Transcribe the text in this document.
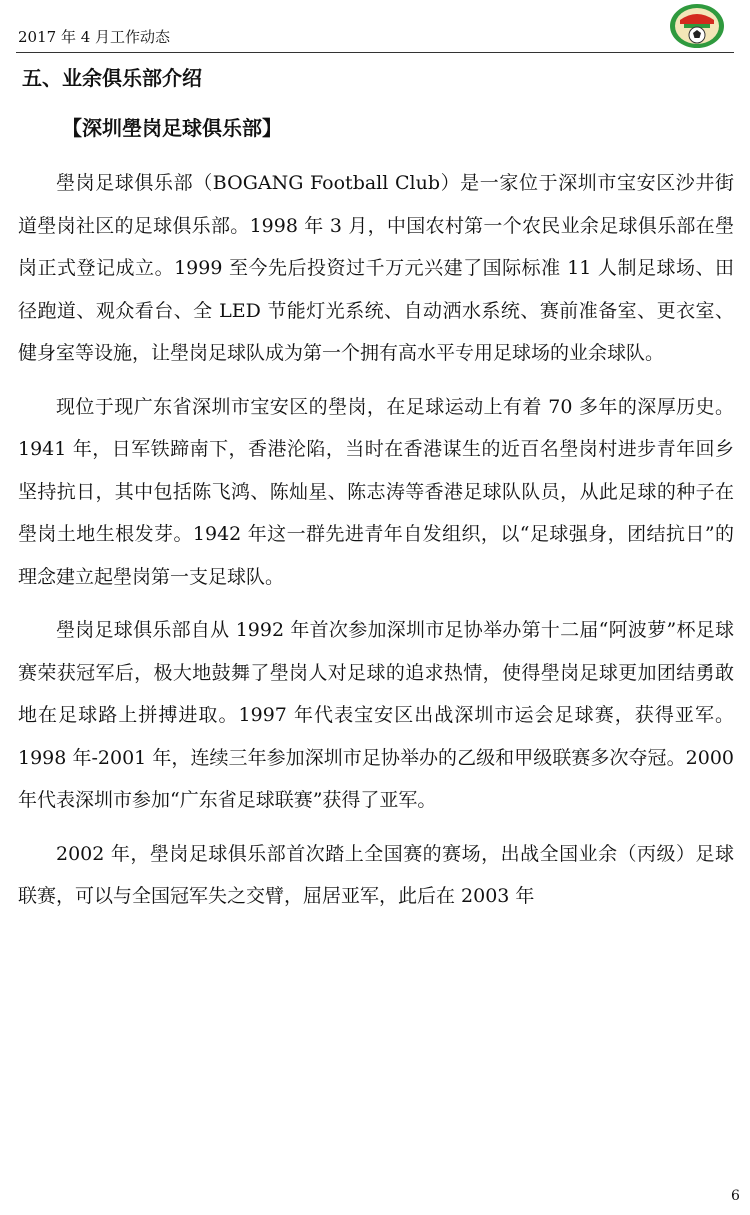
2017 年 4 月工作动态
五、业余俱乐部介绍
【深圳壆岗足球俱乐部】

壆岗足球俱乐部（BOGANG Football Club）是一家位于深圳市宝安区沙井街道壆岗社区的足球俱乐部。1998 年 3 月，中国农村第一个农民业余足球俱乐部在壆岗正式登记成立。1999 至今先后投资过千万元兴建了国际标准 11 人制足球场、田径跑道、观众看台、全 LED 节能灯光系统、自动洒水系统、赛前准备室、更衣室、健身室等设施，让壆岗足球队成为第一个拥有高水平专用足球场的业余球队。

现位于现广东省深圳市宝安区的壆岗，在足球运动上有着 70 多年的深厚历史。1941 年，日军铁蹄南下，香港沦陷，当时在香港谋生的近百名壆岗村进步青年回乡坚持抗日，其中包括陈飞鸿、陈灿星、陈志涛等香港足球队队员，从此足球的种子在壆岗土地生根发芽。1942 年这一群先进青年自发组织，以“足球强身，团结抗日”的理念建立起壆岗第一支足球队。

壆岗足球俱乐部自从 1992 年首次参加深圳市足协举办第十二届“阿波萝”杯足球赛荣获冠军后，极大地鼓舞了壆岗人对足球的追求热情，使得壆岗足球更加团结勇敢地在足球路上拼搏进取。1997 年代表宝安区出战深圳市运会足球赛，获得亚军。1998 年-2001 年，连续三年参加深圳市足协举办的乙级和甲级联赛多次夺冠。2000 年代表深圳市参加“广东省足球联赛”获得了亚军。

2002 年，壆岗足球俱乐部首次踏上全国赛的赛场，出战全国业余（丙级）足球联赛，可以与全国冠军失之交臂，屈居亚军，此后在 2003 年

6
